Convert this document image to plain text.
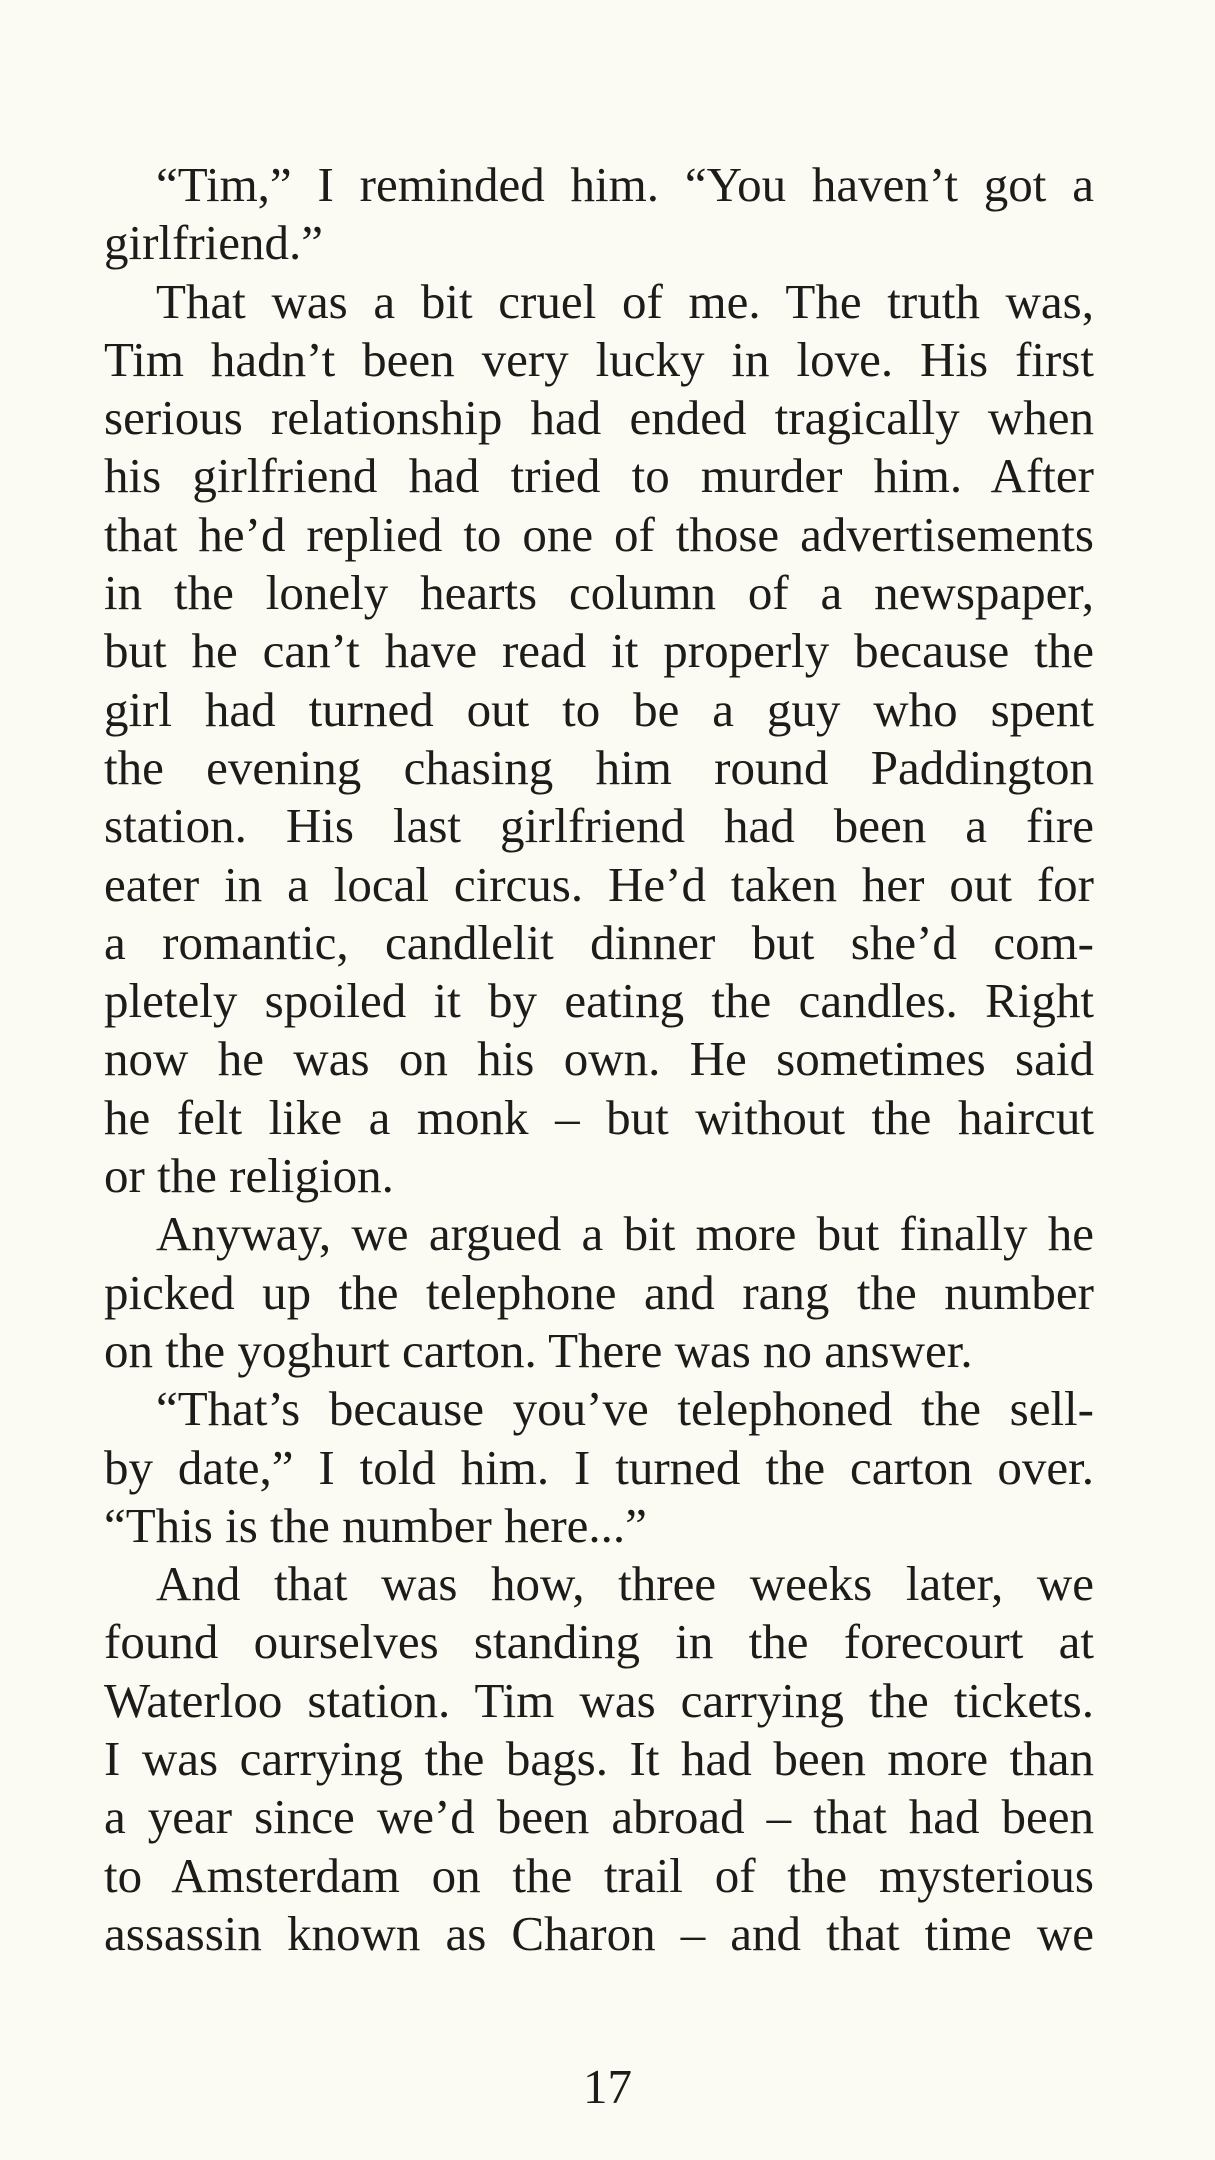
“Tim,” I reminded him. “You haven’t got a
girlfriend.”
That was a bit cruel of me. The truth was,
Tim hadn’t been very lucky in love. His first
serious relationship had ended tragically when
his girlfriend had tried to murder him. After
that he’d replied to one of those advertisements
in the lonely hearts column of a newspaper,
but he can’t have read it properly because the
girl had turned out to be a guy who spent
the evening chasing him round Paddington
station. His last girlfriend had been a fire
eater in a local circus. He’d taken her out for
a romantic, candlelit dinner but she’d com-
pletely spoiled it by eating the candles. Right
now he was on his own. He sometimes said
he felt like a monk – but without the haircut
or the religion.
Anyway, we argued a bit more but finally he
picked up the telephone and rang the number
on the yoghurt carton. There was no answer.
“That’s because you’ve telephoned the sell-
by date,” I told him. I turned the carton over.
“This is the number here...”
And that was how, three weeks later, we
found ourselves standing in the forecourt at
Waterloo station. Tim was carrying the tickets.
I was carrying the bags. It had been more than
a year since we’d been abroad – that had been
to Amsterdam on the trail of the mysterious
assassin known as Charon – and that time we
17
